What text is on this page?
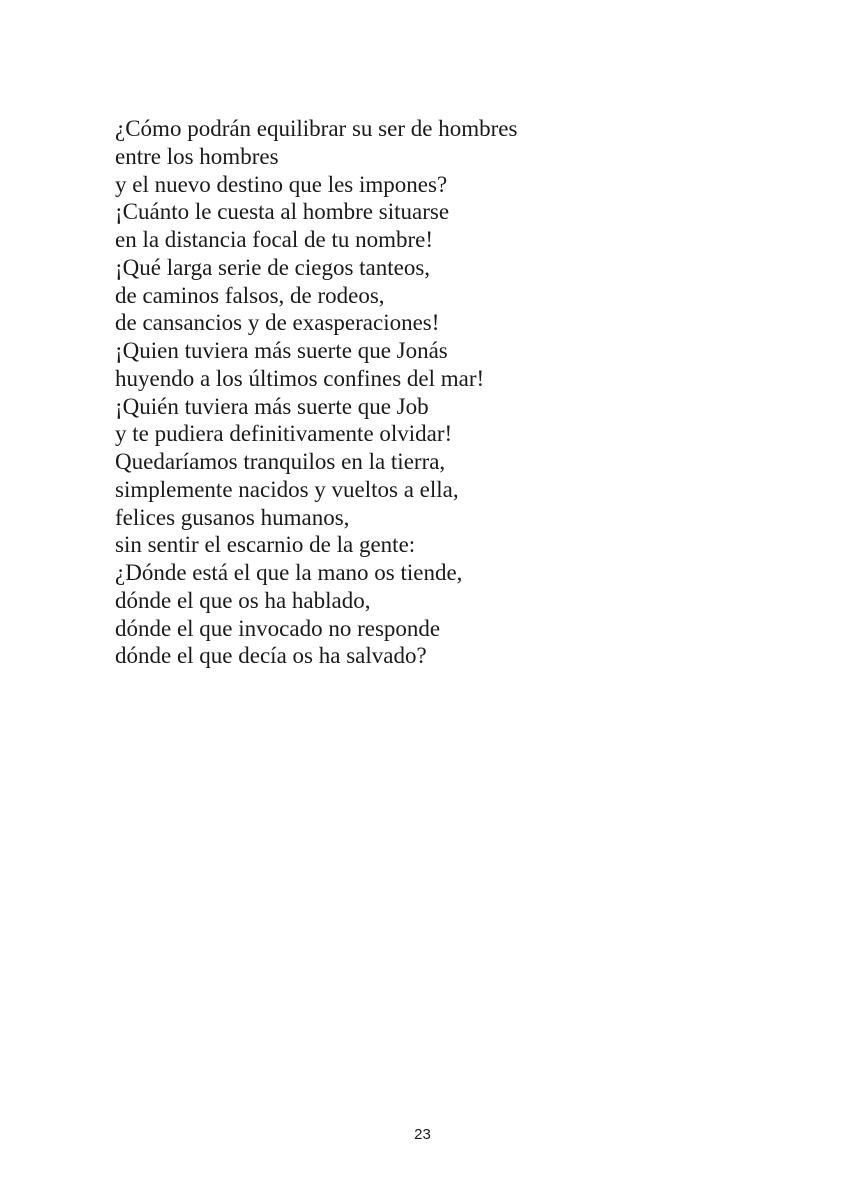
¿Cómo podrán equilibrar su ser de hombres
entre los hombres
y el nuevo destino que les impones?
¡Cuánto le cuesta al hombre situarse
en la distancia focal de tu nombre!
¡Qué larga serie de ciegos tanteos,
de caminos falsos, de rodeos,
de cansancios y de exasperaciones!
¡Quien tuviera más suerte que Jonás
huyendo a los últimos confines del mar!
¡Quién tuviera más suerte que Job
y te pudiera definitivamente olvidar!
Quedaríamos tranquilos en la tierra,
simplemente nacidos y vueltos a ella,
felices gusanos humanos,
sin sentir el escarnio de la gente:
¿Dónde está el que la mano os tiende,
dónde el que os ha hablado,
dónde el que invocado no responde
dónde el que decía os ha salvado?
23
